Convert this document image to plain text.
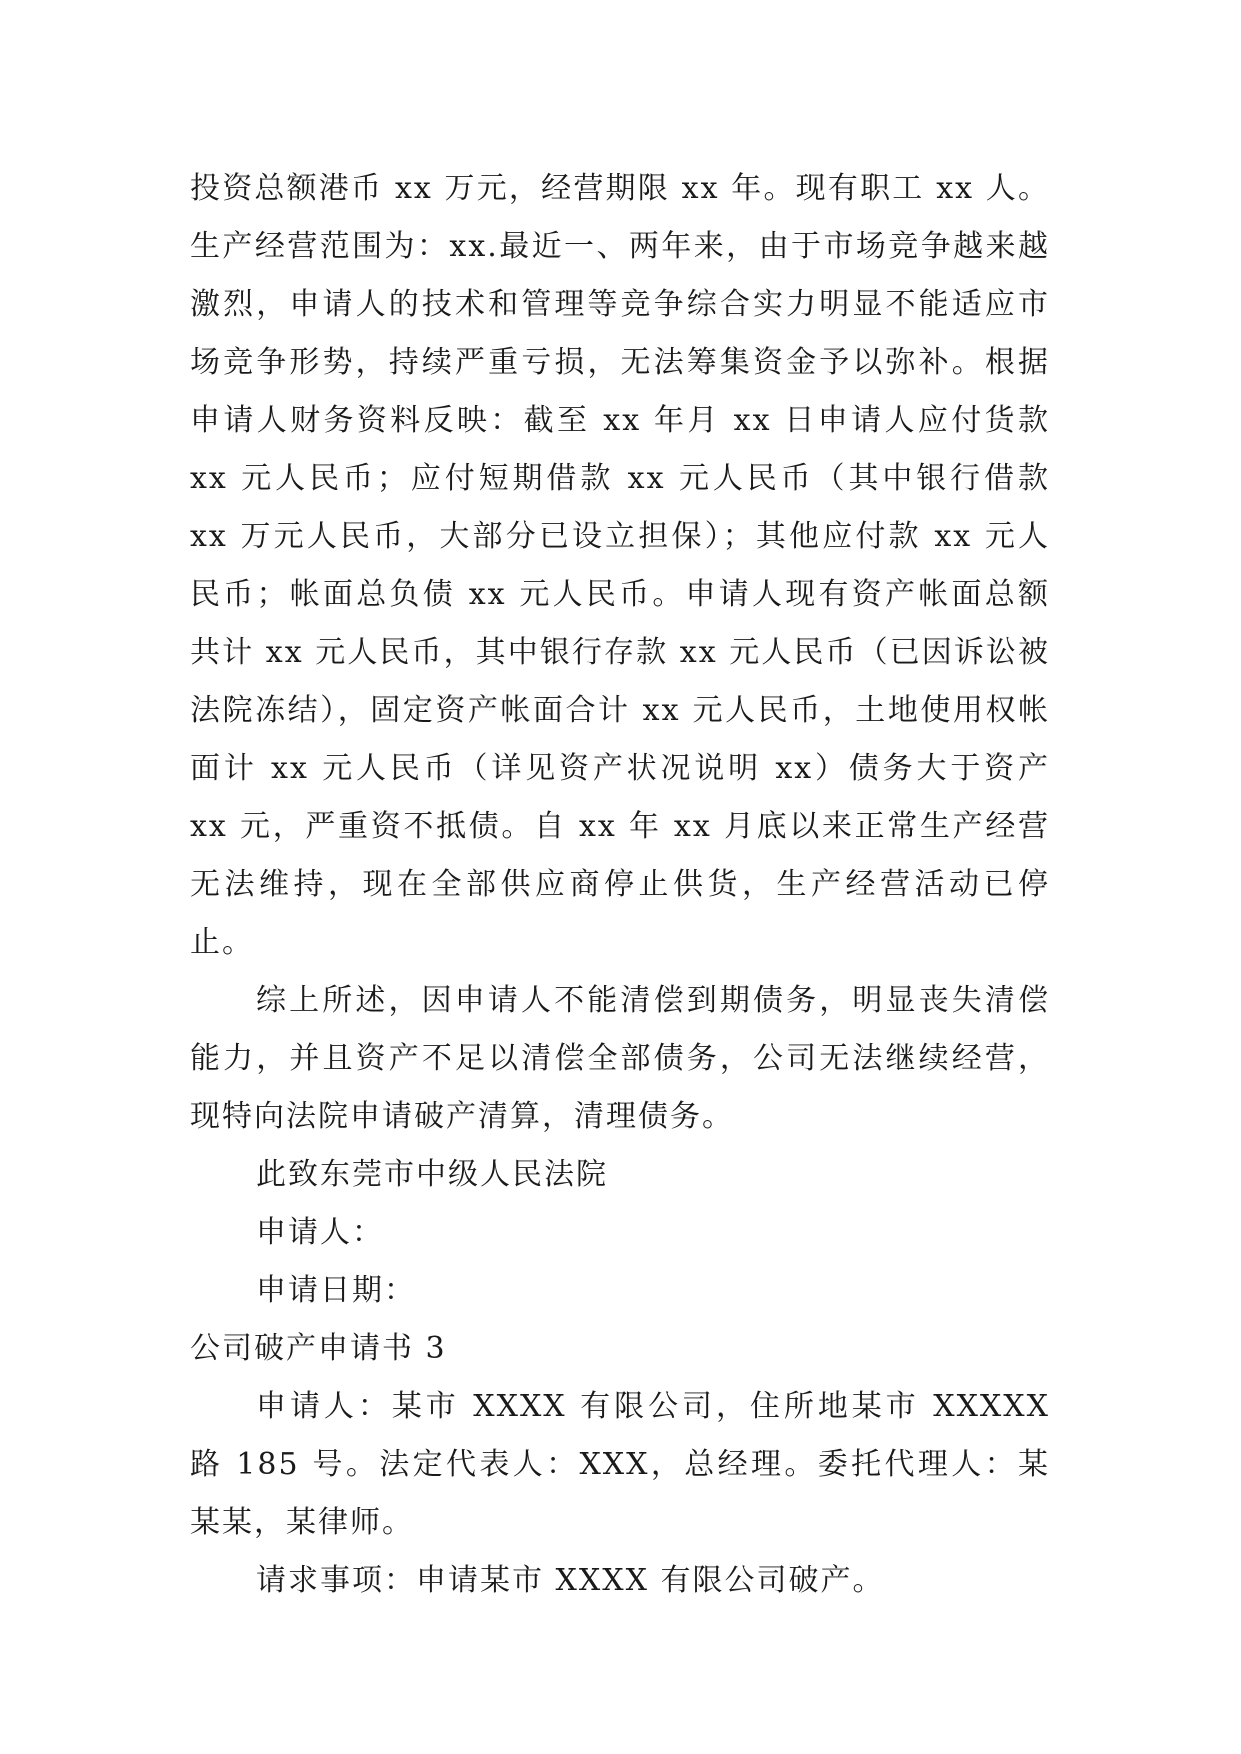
投资总额港币 xx 万元，经营期限 xx 年。现有职工 xx 人。生产经营范围为：xx.最近一、两年来，由于市场竞争越来越激烈，申请人的技术和管理等竞争综合实力明显不能适应市场竞争形势，持续严重亏损，无法筹集资金予以弥补。根据申请人财务资料反映：截至 xx 年月 xx 日申请人应付货款 xx 元人民币；应付短期借款 xx 元人民币（其中银行借款 xx 万元人民币，大部分已设立担保）；其他应付款 xx 元人民币；帐面总负债 xx 元人民币。申请人现有资产帐面总额共计 xx 元人民币，其中银行存款 xx 元人民币（已因诉讼被法院冻结），固定资产帐面合计 xx 元人民币，土地使用权帐面计 xx 元人民币（详见资产状况说明 xx）债务大于资产 xx 元，严重资不抵债。自 xx 年 xx 月底以来正常生产经营无法维持，现在全部供应商停止供货，生产经营活动已停止。

综上所述，因申请人不能清偿到期债务，明显丧失清偿能力，并且资产不足以清偿全部债务，公司无法继续经营，现特向法院申请破产清算，清理债务。

此致东莞市中级人民法院

申请人：

申请日期：

公司破产申请书 3

申请人：某市 XXXX 有限公司，住所地某市 XXXXX 路 185 号。法定代表人：XXX，总经理。委托代理人：某某某，某律师。

请求事项：申请某市 XXXX 有限公司破产。
